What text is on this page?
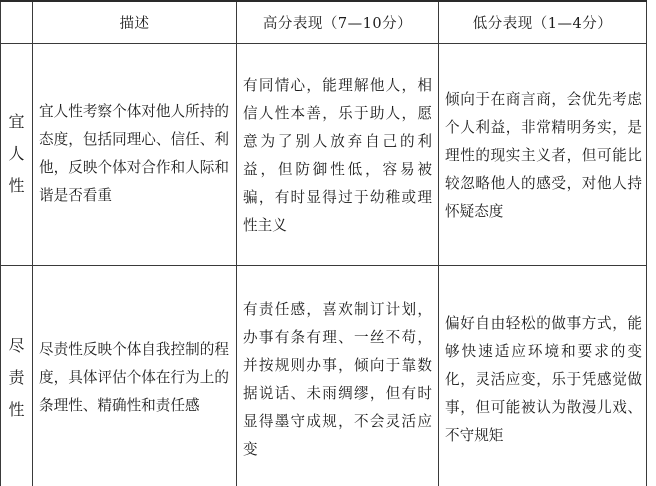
	描述	高分表现（7—10分）	低分表现（1—4分）
宜人性	宜人性考察个体对他人所持的态度，包括同理心、信任、利他，反映个体对合作和人际和谐是否看重	有同情心，能理解他人，相信人性本善，乐于助人，愿意为了别人放弃自己的利益，但防御性低，容易被骗，有时显得过于幼稚或理性主义	倾向于在商言商，会优先考虑个人利益，非常精明务实，是理性的现实主义者，但可能比较忽略他人的感受，对他人持怀疑态度

尽责性	尽责性反映个体自我控制的程度，具体评估个体在行为上的条理性、精确性和责任感	有责任感，喜欢制订计划，办事有条有理、一丝不苟，并按规则办事，倾向于靠数据说话、未雨绸缪，但有时显得墨守成规，不会灵活应变	偏好自由轻松的做事方式，能够快速适应环境和要求的变化，灵活应变，乐于凭感觉做事，但可能被认为散漫儿戏、不守规矩
